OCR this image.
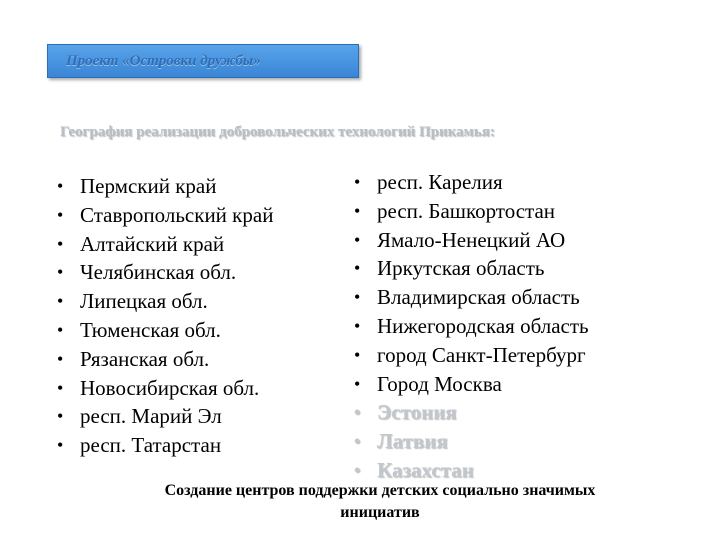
Проект «Островки дружбы»
География реализации добровольческих технологий Прикамья:
• Пермский край
• Ставропольский край
• Алтайский край
• Челябинская обл.
• Липецкая обл.
• Тюменская обл.
• Рязанская обл.
• Новосибирская обл.
• респ. Марий Эл
• респ. Татарстан
• респ. Карелия
• респ. Башкортостан
• Ямало-Ненецкий АО
• Иркутская область
• Владимирская область
• Нижегородская область
• город Санкт-Петербург
• Город Москва
• Эстония
• Латвия
• Казахстан
Создание центров поддержки детских социально значимых
инициатив
